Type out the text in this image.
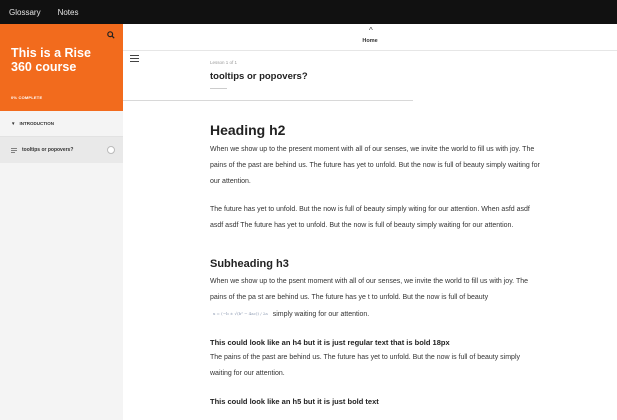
Glossary Notes
This is a Rise 360 course
0% COMPLETE
▼ INTRODUCTION
tooltips or popovers?
^
Home
Lesson 1 of 1
tooltips or popovers?
Heading h2

When we show up to the present moment with all of our senses, we invite the world to fill us with joy. The pains of the past are behind us. The future has yet to unfold. But the now is full of beauty simply waiting for our attention.

The future has yet to unfold. But the now is full of beauty simply witing for our attention. When asfd asdf asdf asdf The future has yet to unfold. But the now is full of beauty simply waiting for our attention.

Subheading h3

When we show up to the psent moment with all of our senses, we invite the world to fill us with joy. The pains of the pa st are behind us. The future has ye t to unfold. But the now is full of beauty x = (−b ± √(b² − 4ac)) / 2a simply waiting for our attention.

This could look like an h4 but it is just regular text that is bold 18px

The pains of the past are behind us. The future has yet to unfold. But the now is full of beauty simply waiting for our attention.

This could look like an h5 but it is just bold text
